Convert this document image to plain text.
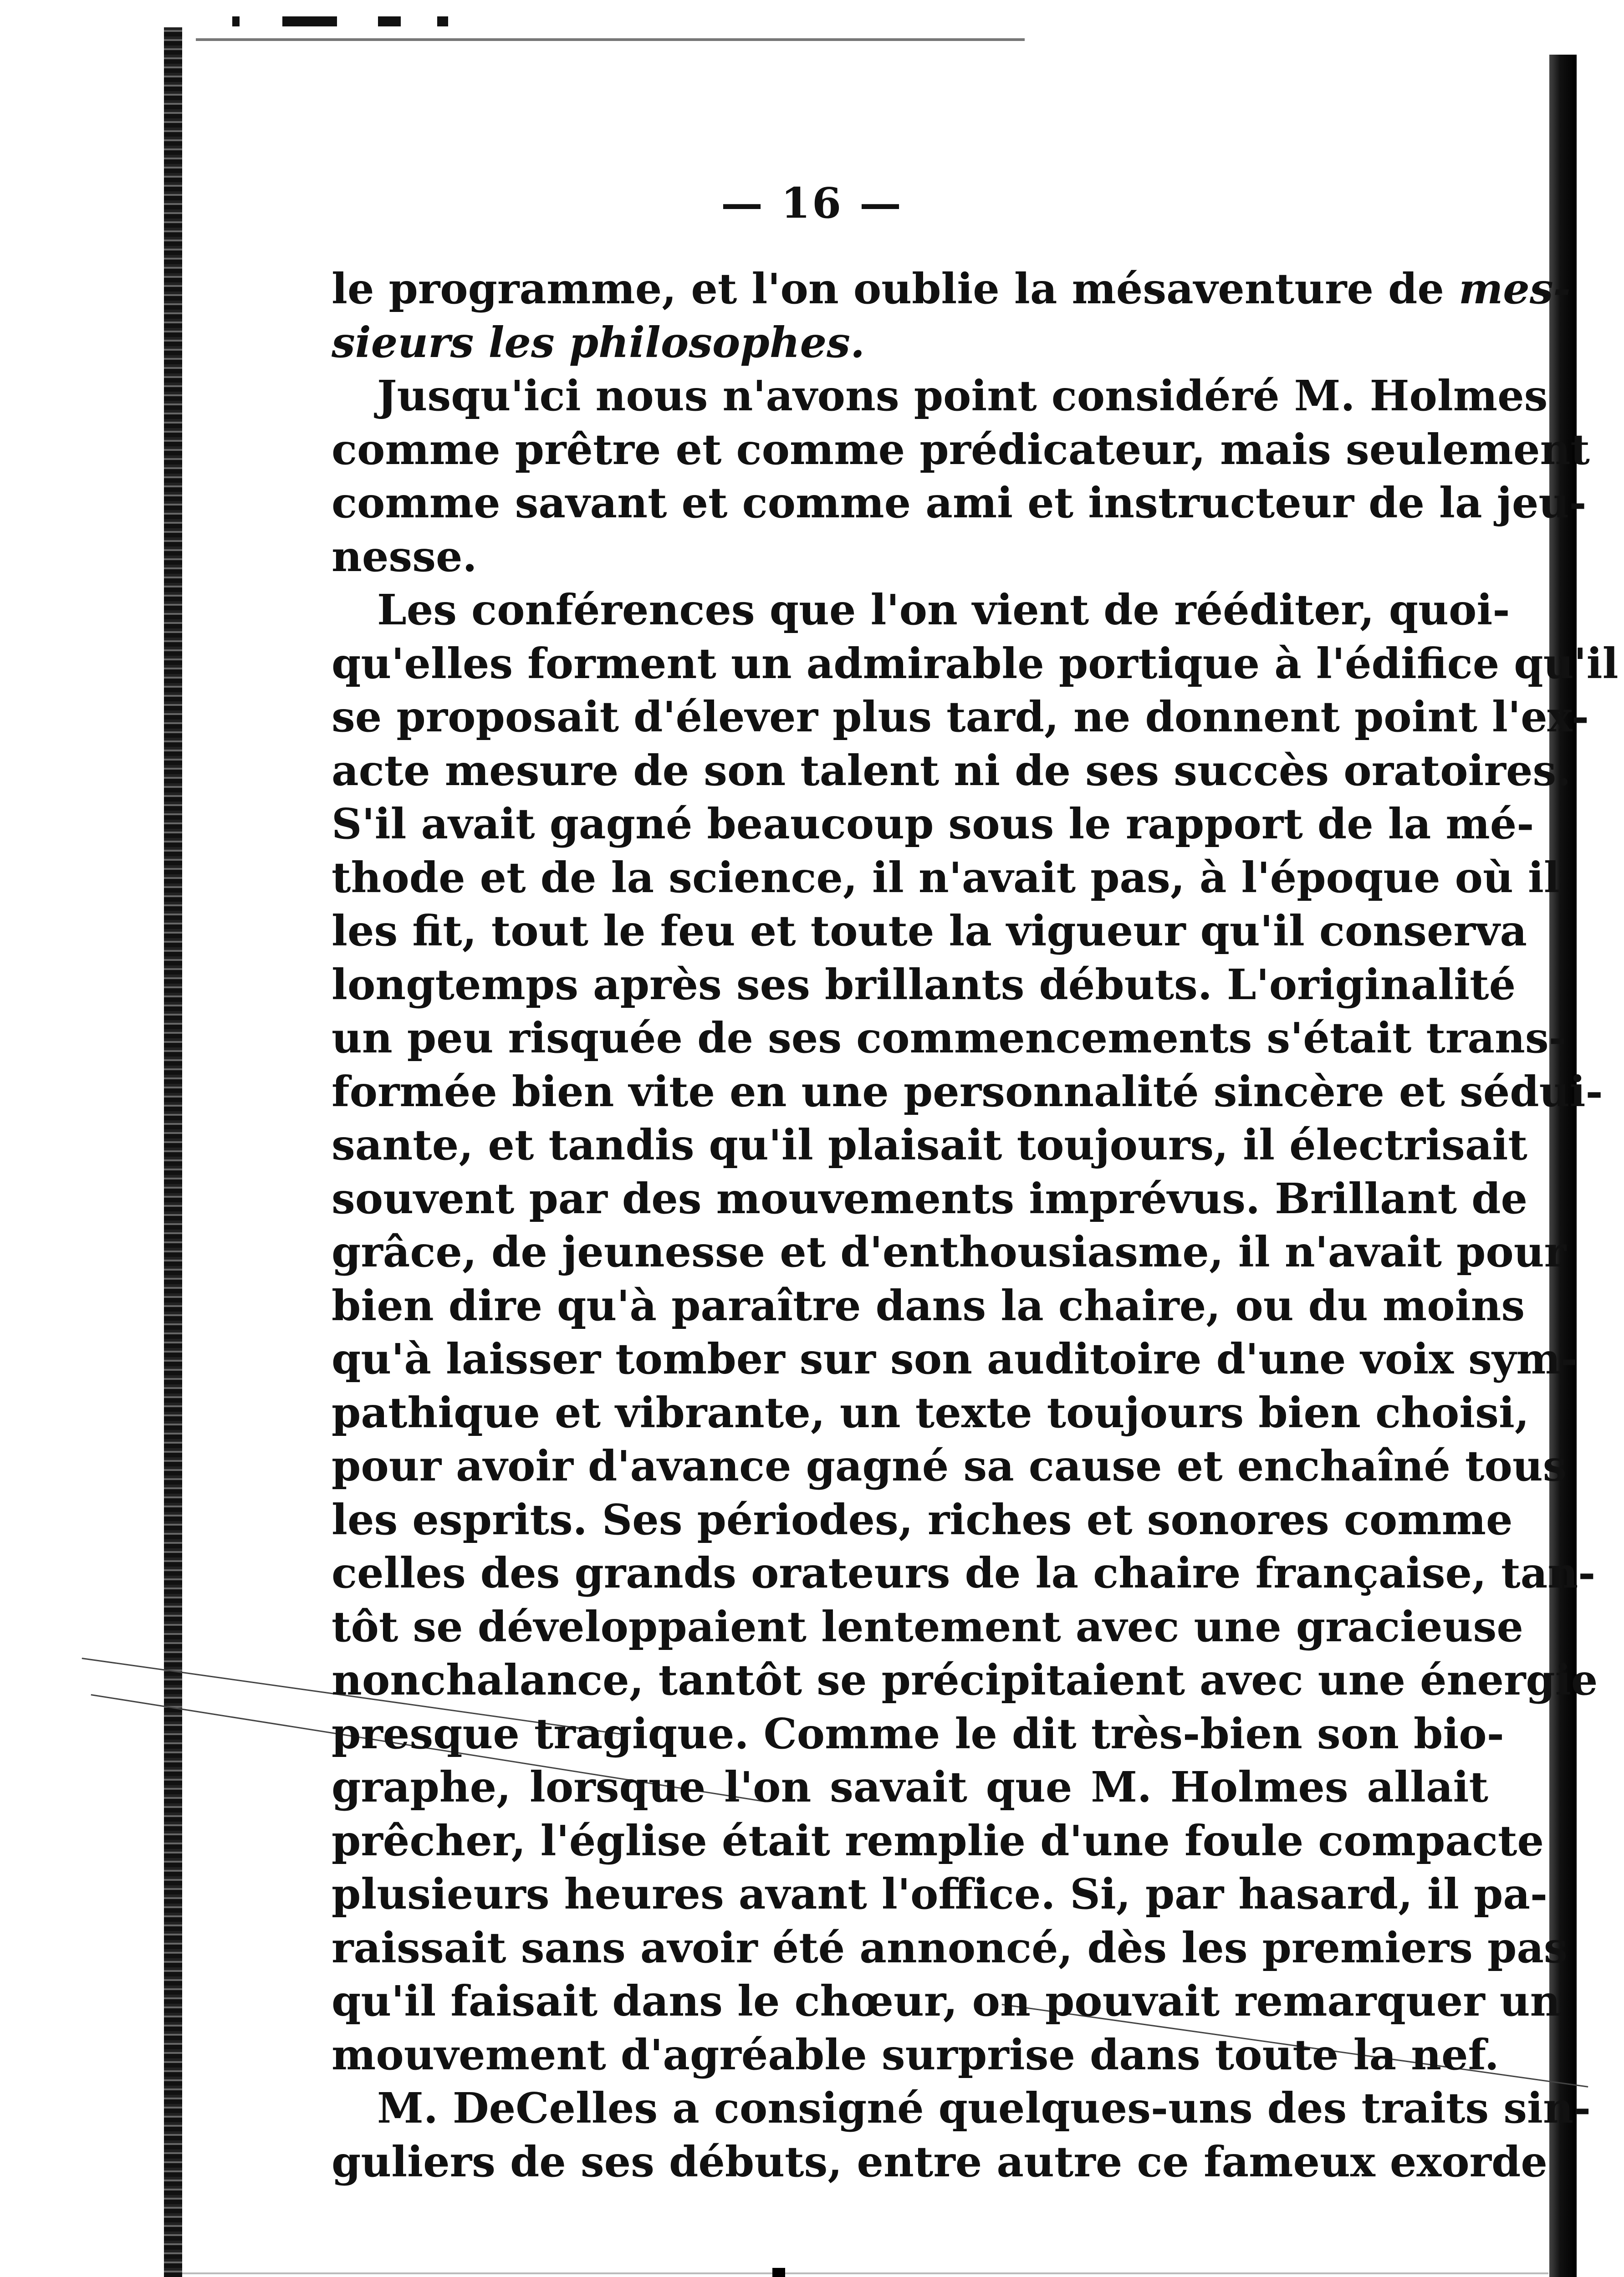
— 16 —
le programme, et l'on oublie la mésaventure de mes-
sieurs les philosophes.
Jusqu'ici nous n'avons point considéré M. Holmes
comme prêtre et comme prédicateur, mais seulement
comme savant et comme ami et instructeur de la jeu-
nesse.
Les conférences que l'on vient de rééditer, quoi-
qu'elles forment un admirable portique à l'édifice qu'il
se proposait d'élever plus tard, ne donnent point l'ex-
acte mesure de son talent ni de ses succès oratoires.
S'il avait gagné beaucoup sous le rapport de la mé-
thode et de la science, il n'avait pas, à l'époque où il
les fit, tout le feu et toute la vigueur qu'il conserva
longtemps après ses brillants débuts. L'originalité
un peu risquée de ses commencements s'était trans-
formée bien vite en une personnalité sincère et sédui-
sante, et tandis qu'il plaisait toujours, il électrisait
souvent par des mouvements imprévus. Brillant de
grâce, de jeunesse et d'enthousiasme, il n'avait pour
bien dire qu'à paraître dans la chaire, ou du moins
qu'à laisser tomber sur son auditoire d'une voix sym-
pathique et vibrante, un texte toujours bien choisi,
pour avoir d'avance gagné sa cause et enchaîné tous
les esprits. Ses périodes, riches et sonores comme
celles des grands orateurs de la chaire française, tan-
tôt se développaient lentement avec une gracieuse
nonchalance, tantôt se précipitaient avec une énergie
presque tragique. Comme le dit très-bien son bio-
graphe, lorsque l'on savait que M. Holmes allait
prêcher, l'église était remplie d'une foule compacte
plusieurs heures avant l'office. Si, par hasard, il pa-
raissait sans avoir été annoncé, dès les premiers pas
qu'il faisait dans le chœur, on pouvait remarquer un
mouvement d'agréable surprise dans toute la nef.
M. DeCelles a consigné quelques-uns des traits sin-
guliers de ses débuts, entre autre ce fameux exorde
